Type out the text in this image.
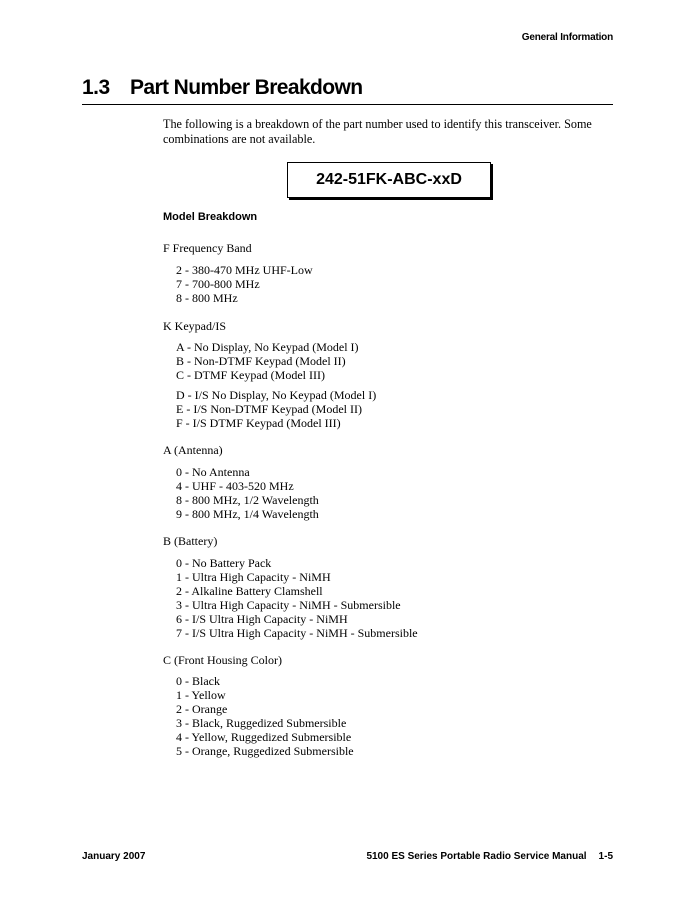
General Information
1.3 Part Number Breakdown
The following is a breakdown of the part number used to identify this transceiver. Some combinations are not available.
242-51FK-ABC-xxD
Model Breakdown
F Frequency Band
2 - 380-470 MHz UHF-Low
7 - 700-800 MHz
8 - 800 MHz
K Keypad/IS
A - No Display, No Keypad (Model I)
B - Non-DTMF Keypad (Model II)
C - DTMF Keypad (Model III)
D - I/S No Display, No Keypad (Model I)
E - I/S Non-DTMF Keypad (Model II)
F - I/S DTMF Keypad (Model III)
A (Antenna)
0 - No Antenna
4 - UHF - 403-520 MHz
8 - 800 MHz, 1/2 Wavelength
9 - 800 MHz, 1/4 Wavelength
B (Battery)
0 - No Battery Pack
1 - Ultra High Capacity - NiMH
2 - Alkaline Battery Clamshell
3 - Ultra High Capacity - NiMH - Submersible
6 - I/S Ultra High Capacity - NiMH
7 - I/S Ultra High Capacity - NiMH - Submersible
C (Front Housing Color)
0 - Black
1 - Yellow
2 - Orange
3 - Black, Ruggedized Submersible
4 - Yellow, Ruggedized Submersible
5 - Orange, Ruggedized Submersible
January 2007	5100 ES Series Portable Radio Service Manual 1-5
